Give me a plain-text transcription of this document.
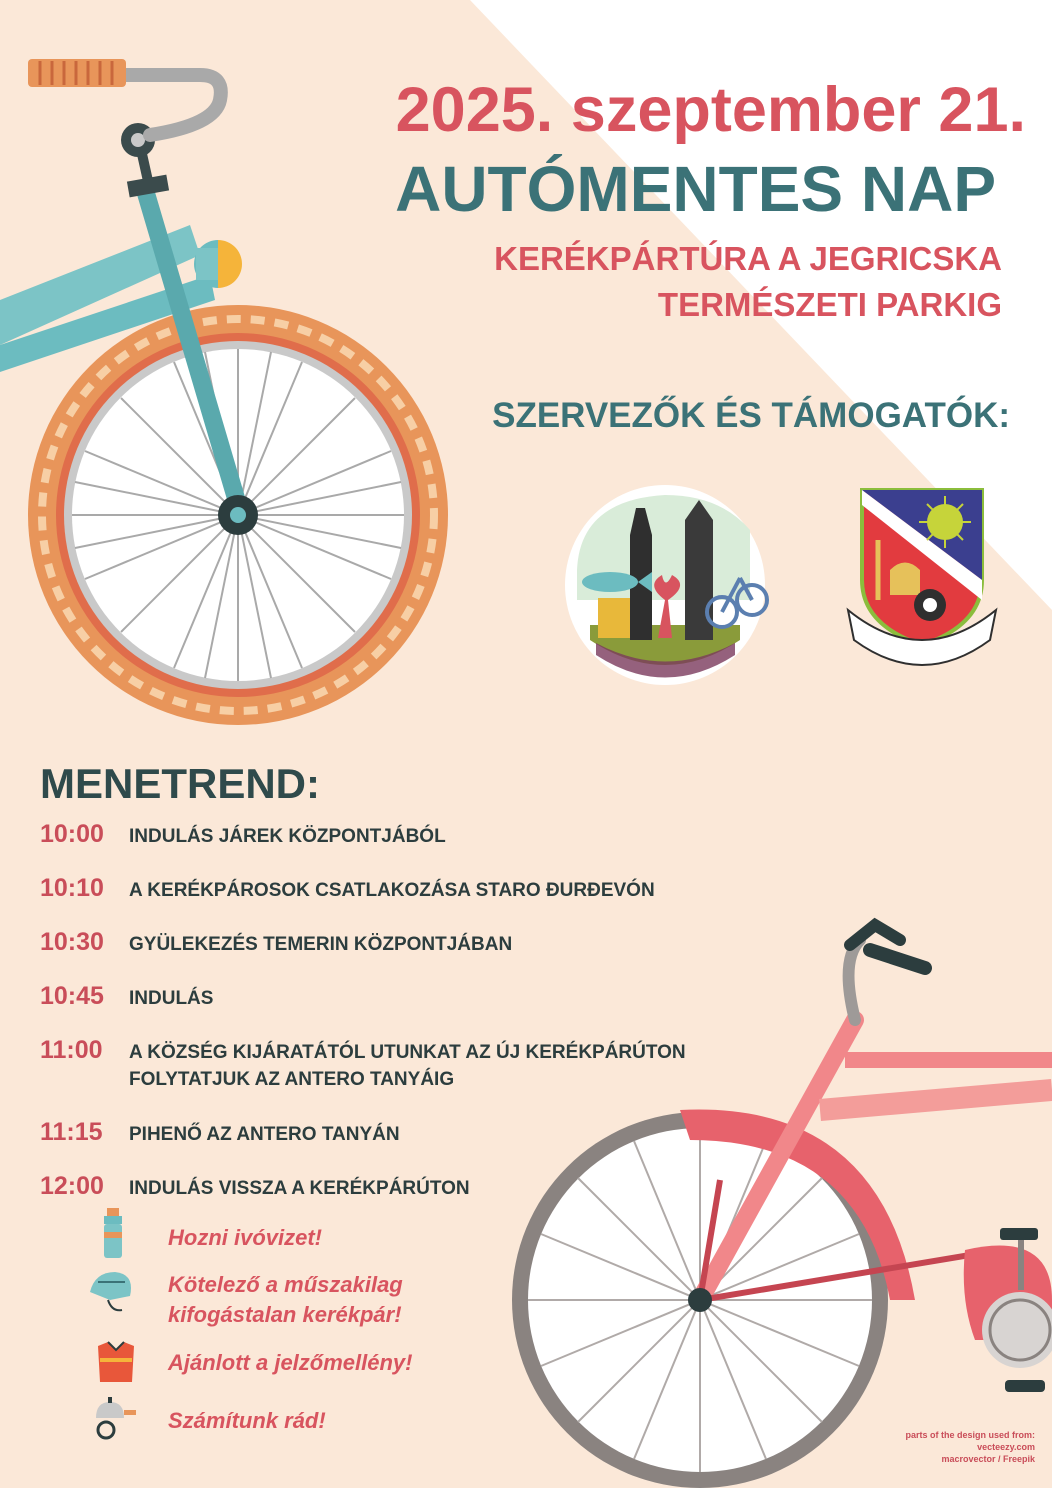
2025. szeptember 21.
AUTÓMENTES NAP
KERÉKPÁRTÚRA A JEGRICSKA
TERMÉSZETI PARKIG
SZERVEZŐK ÉS TÁMOGATÓK:
MENETREND:
10:00 INDULÁS JÁREK KÖZPONTJÁBÓL
10:10 A KERÉKPÁROSOK CSATLAKOZÁSA STARO ĐURĐEVÓN
10:30 GYÜLEKEZÉS TEMERIN KÖZPONTJÁBAN
10:45 INDULÁS
11:00 A KÖZSÉG KIJÁRATÁTÓL UTUNKAT AZ ÚJ KERÉKPÁRÚTON
FOLYTATJUK AZ ANTERO TANYÁIG
11:15 PIHENŐ AZ ANTERO TANYÁN
12:00 INDULÁS VISSZA A KERÉKPÁRÚTON
Hozni ivóvizet!
Kötelező a műszakilag
kifogástalan kerékpár!
Ajánlott a jelzőmellény!
Számítunk rád!
parts of the design used from:
vecteezy.com
macrovector / Freepik
